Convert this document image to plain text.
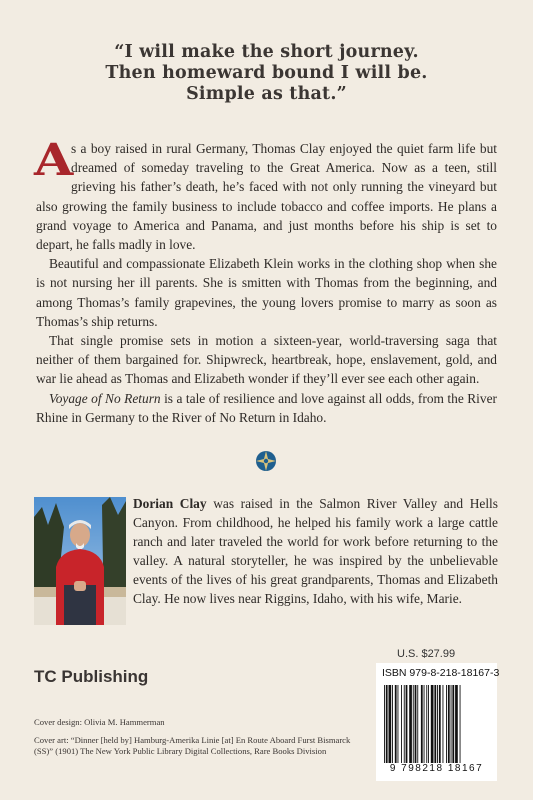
“I will make the short journey.
Then homeward bound I will be.
Simple as that.”

A
s a boy raised in rural Germany, Thomas Clay enjoyed the quiet farm life but dreamed of someday traveling to the Great America. Now as a teen, still grieving his father’s death, he’s faced with not only running the vineyard but also growing the family business to include tobacco and coffee imports. He plans a grand voyage to America and Panama, and just months before his ship is set to depart, he falls madly in love.

Beautiful and compassionate Elizabeth Klein works in the clothing shop when she is not nursing her ill parents. She is smitten with Thomas from the beginning, and among Thomas’s family grapevines, the young lovers promise to marry as soon as Thomas’s ship returns.

That single promise sets in motion a sixteen-year, world-traversing saga that neither of them bargained for. Shipwreck, heartbreak, hope, enslavement, gold, and war lie ahead as Thomas and Elizabeth wonder if they’ll ever see each other again.

Voyage of No Return is a tale of resilience and love against all odds, from the River Rhine in Germany to the River of No Return in Idaho.

Dorian Clay was raised in the Salmon River Valley and Hells Canyon. From childhood, he helped his family work a large cattle ranch and later traveled the world for work before returning to the valley. A natural storyteller, he was inspired by the unbelievable events of the lives of his great grandparents, Thomas and Elizabeth Clay. He now lives near Riggins, Idaho, with his wife, Marie.
U.S. $27.99
ISBN 979-8-218-18167-3
9 798218 18167
TC Publishing

Cover design: Olivia M. Hammerman

Cover art: “Dinner [held by] Hamburg-Amerika Linie [at] En Route Aboard Furst Bismarck (SS)” (1901) The New York Public Library Digital Collections, Rare Books Division
